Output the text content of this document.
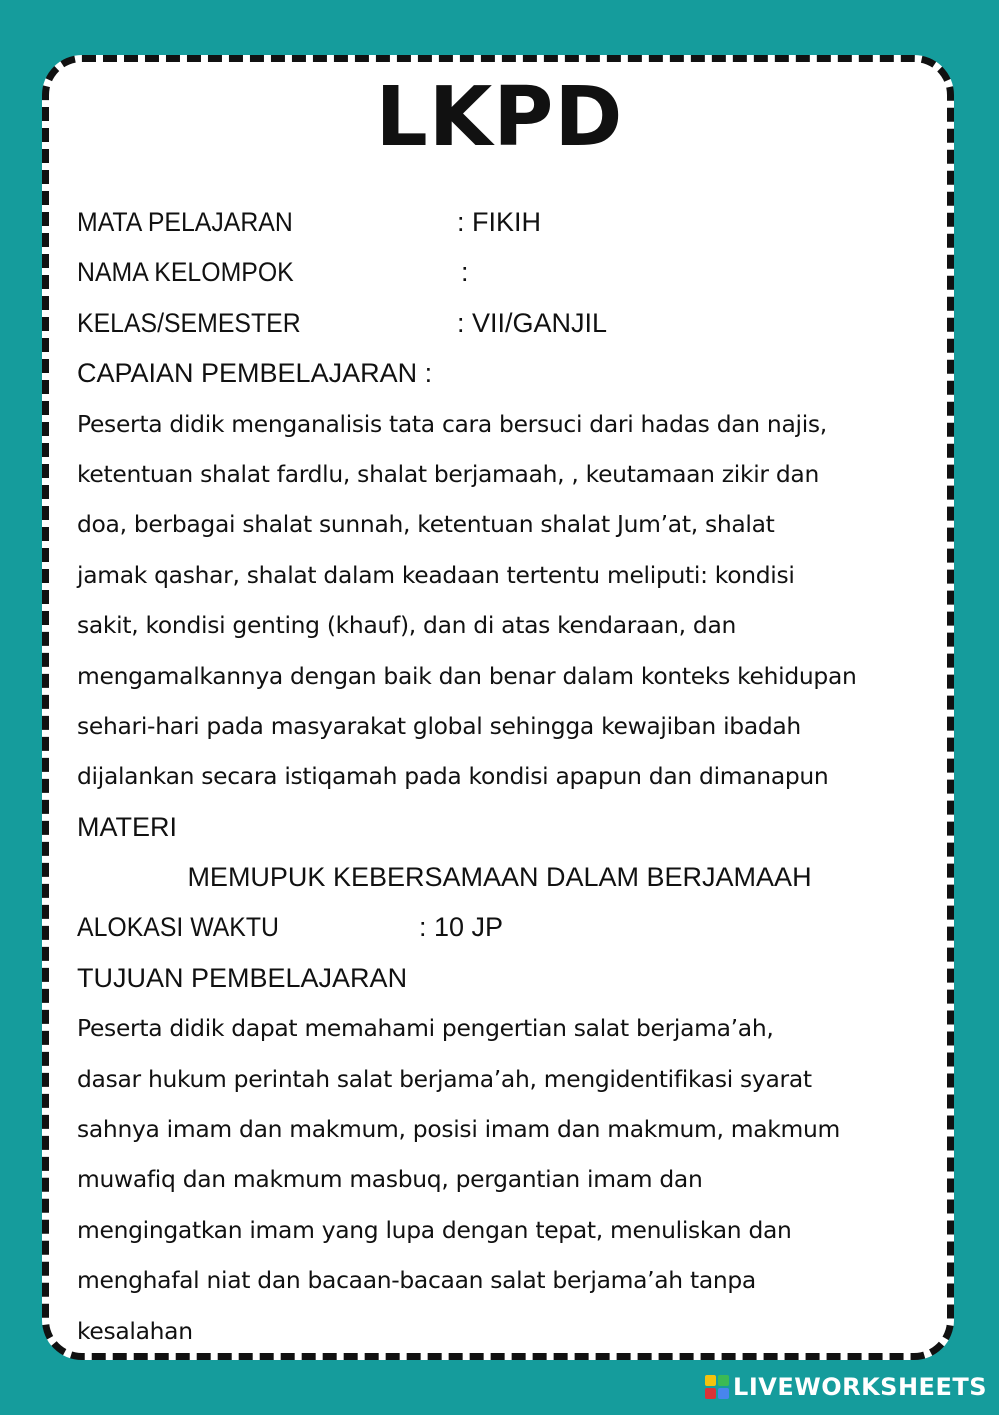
LKPD
MATA PELAJARAN	: FIKIH
NAMA KELOMPOK	:
KELAS/SEMESTER	: VII/GANJIL
CAPAIAN PEMBELAJARAN :
Peserta didik menganalisis tata cara bersuci dari hadas dan najis,
ketentuan shalat fardlu, shalat berjamaah, , keutamaan zikir dan
doa, berbagai shalat sunnah, ketentuan shalat Jum’at, shalat
jamak qashar, shalat dalam keadaan tertentu meliputi: kondisi
sakit, kondisi genting (khauf), dan di atas kendaraan, dan
mengamalkannya dengan baik dan benar dalam konteks kehidupan
sehari-hari pada masyarakat global sehingga kewajiban ibadah
dijalankan secara istiqamah pada kondisi apapun dan dimanapun
MATERI
MEMUPUK KEBERSAMAAN DALAM BERJAMAAH
ALOKASI WAKTU	: 10 JP
TUJUAN PEMBELAJARAN
Peserta didik dapat memahami pengertian salat berjama’ah,
dasar hukum perintah salat berjama’ah, mengidentifikasi syarat
sahnya imam dan makmum, posisi imam dan makmum, makmum
muwafiq dan makmum masbuq, pergantian imam dan
mengingatkan imam yang lupa dengan tepat, menuliskan dan
menghafal niat dan bacaan-bacaan salat berjama’ah tanpa
kesalahan
LIVEWORKSHEETS
